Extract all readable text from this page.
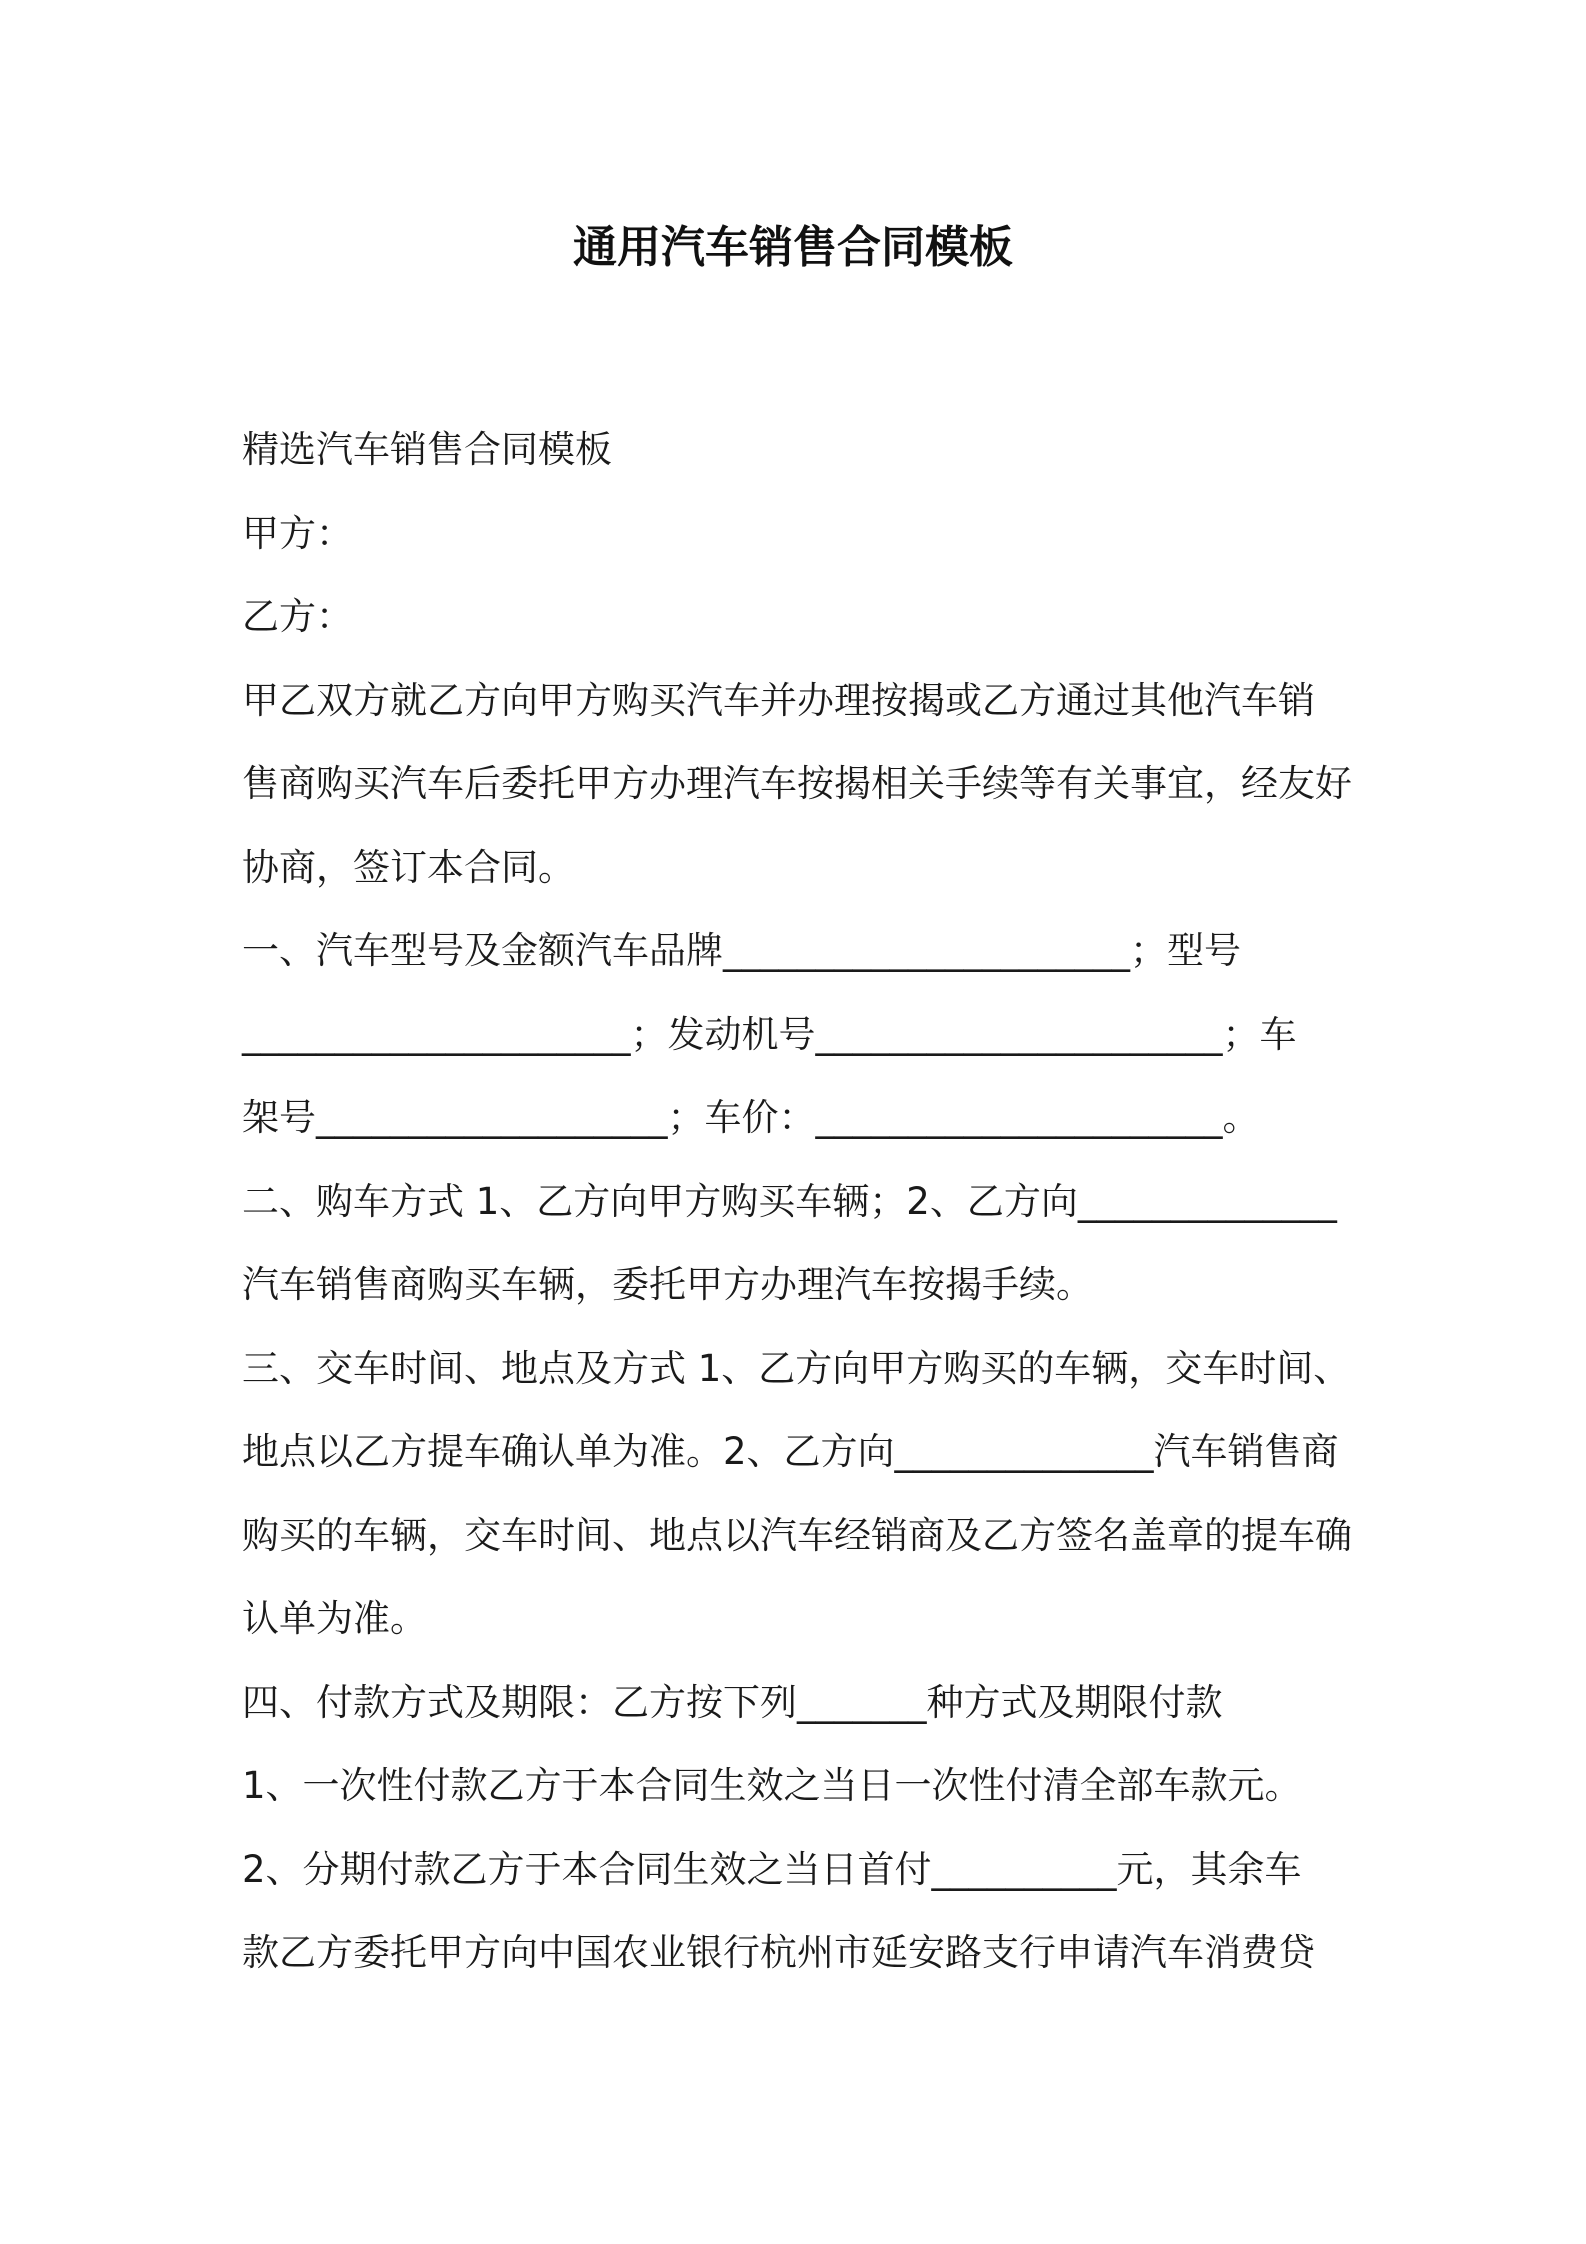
通用汽车销售合同模板

精选汽车销售合同模板

甲方：

乙方：

甲乙双方就乙方向甲方购买汽车并办理按揭或乙方通过其他汽车销

售商购买汽车后委托甲方办理汽车按揭相关手续等有关事宜，经友好

协商，签订本合同。

一、汽车型号及金额汽车品牌______________________；型号

_____________________；发动机号______________________；车

架号___________________；车价：______________________。

二、购车方式 1、乙方向甲方购买车辆；2、乙方向______________

汽车销售商购买车辆，委托甲方办理汽车按揭手续。

三、交车时间、地点及方式 1、乙方向甲方购买的车辆，交车时间、

地点以乙方提车确认单为准。2、乙方向______________汽车销售商

购买的车辆，交车时间、地点以汽车经销商及乙方签名盖章的提车确

认单为准。

四、付款方式及期限：乙方按下列_______种方式及期限付款

1、一次性付款乙方于本合同生效之当日一次性付清全部车款元。

2、分期付款乙方于本合同生效之当日首付__________元，其余车

款乙方委托甲方向中国农业银行杭州市延安路支行申请汽车消费贷
